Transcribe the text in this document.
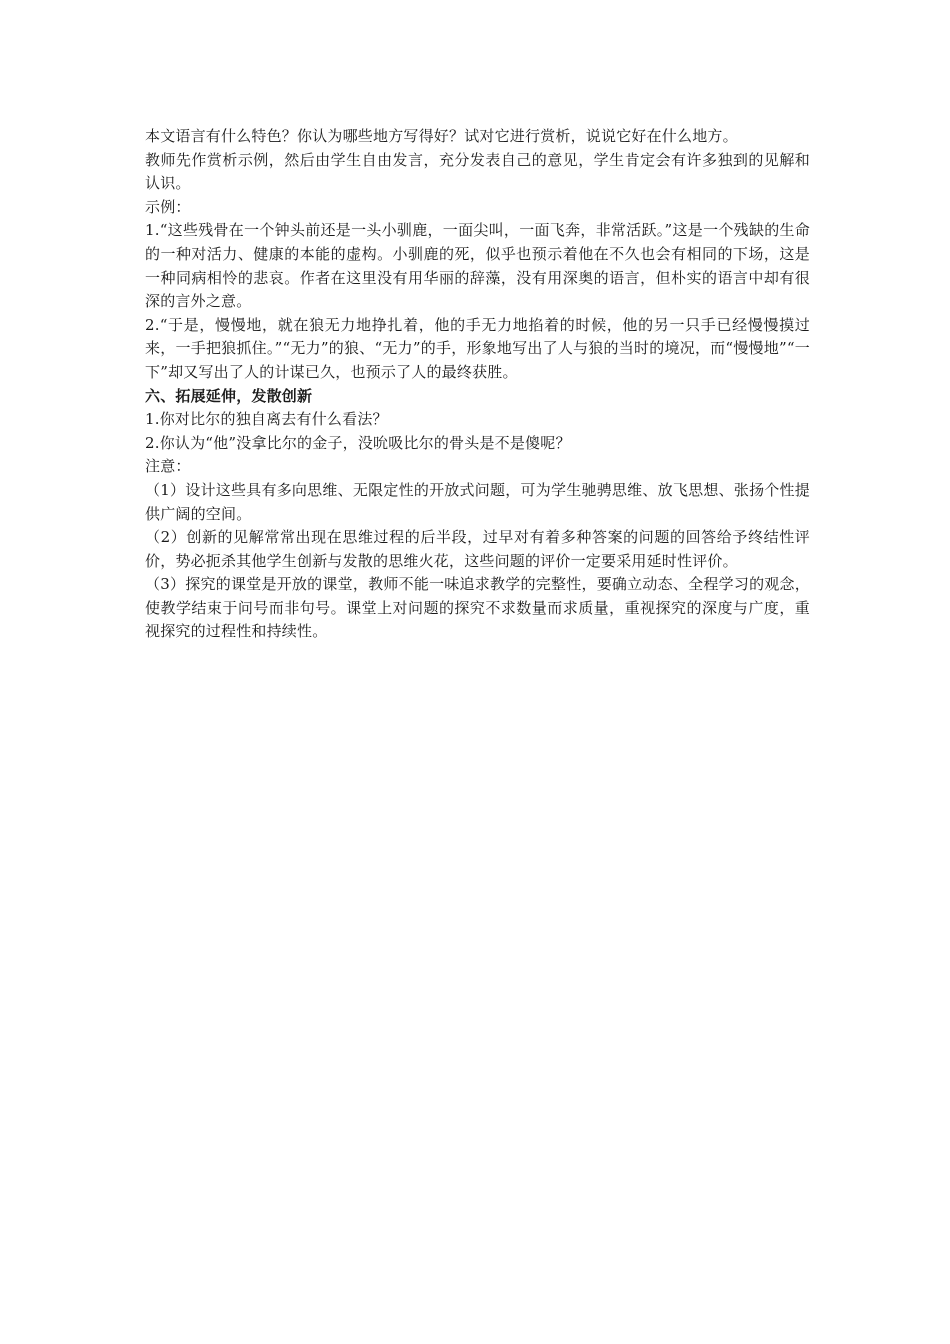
本文语言有什么特色？你认为哪些地方写得好？试对它进行赏析，说说它好在什么地方。

教师先作赏析示例，然后由学生自由发言，充分发表自己的意见，学生肯定会有许多独到的见解和认识。

示例：

1.“这些残骨在一个钟头前还是一头小驯鹿，一面尖叫，一面飞奔，非常活跃。”这是一个残缺的生命的一种对活力、健康的本能的虚构。小驯鹿的死，似乎也预示着他在不久也会有相同的下场，这是一种同病相怜的悲哀。作者在这里没有用华丽的辞藻，没有用深奥的语言，但朴实的语言中却有很深的言外之意。

2.“于是，慢慢地，就在狼无力地挣扎着，他的手无力地掐着的时候，他的另一只手已经慢慢摸过来，一手把狼抓住。”“无力”的狼、“无力”的手，形象地写出了人与狼的当时的境况，而“慢慢地”“一下”却又写出了人的计谋已久，也预示了人的最终获胜。

六、拓展延伸，发散创新

1.你对比尔的独自离去有什么看法？

2.你认为“他”没拿比尔的金子，没吮吸比尔的骨头是不是傻呢？

注意：

（1）设计这些具有多向思维、无限定性的开放式问题，可为学生驰骋思维、放飞思想、张扬个性提供广阔的空间。

（2）创新的见解常常出现在思维过程的后半段，过早对有着多种答案的问题的回答给予终结性评价，势必扼杀其他学生创新与发散的思维火花，这些问题的评价一定要采用延时性评价。

（3）探究的课堂是开放的课堂，教师不能一味追求教学的完整性，要确立动态、全程学习的观念，使教学结束于问号而非句号。课堂上对问题的探究不求数量而求质量，重视探究的深度与广度，重视探究的过程性和持续性。
